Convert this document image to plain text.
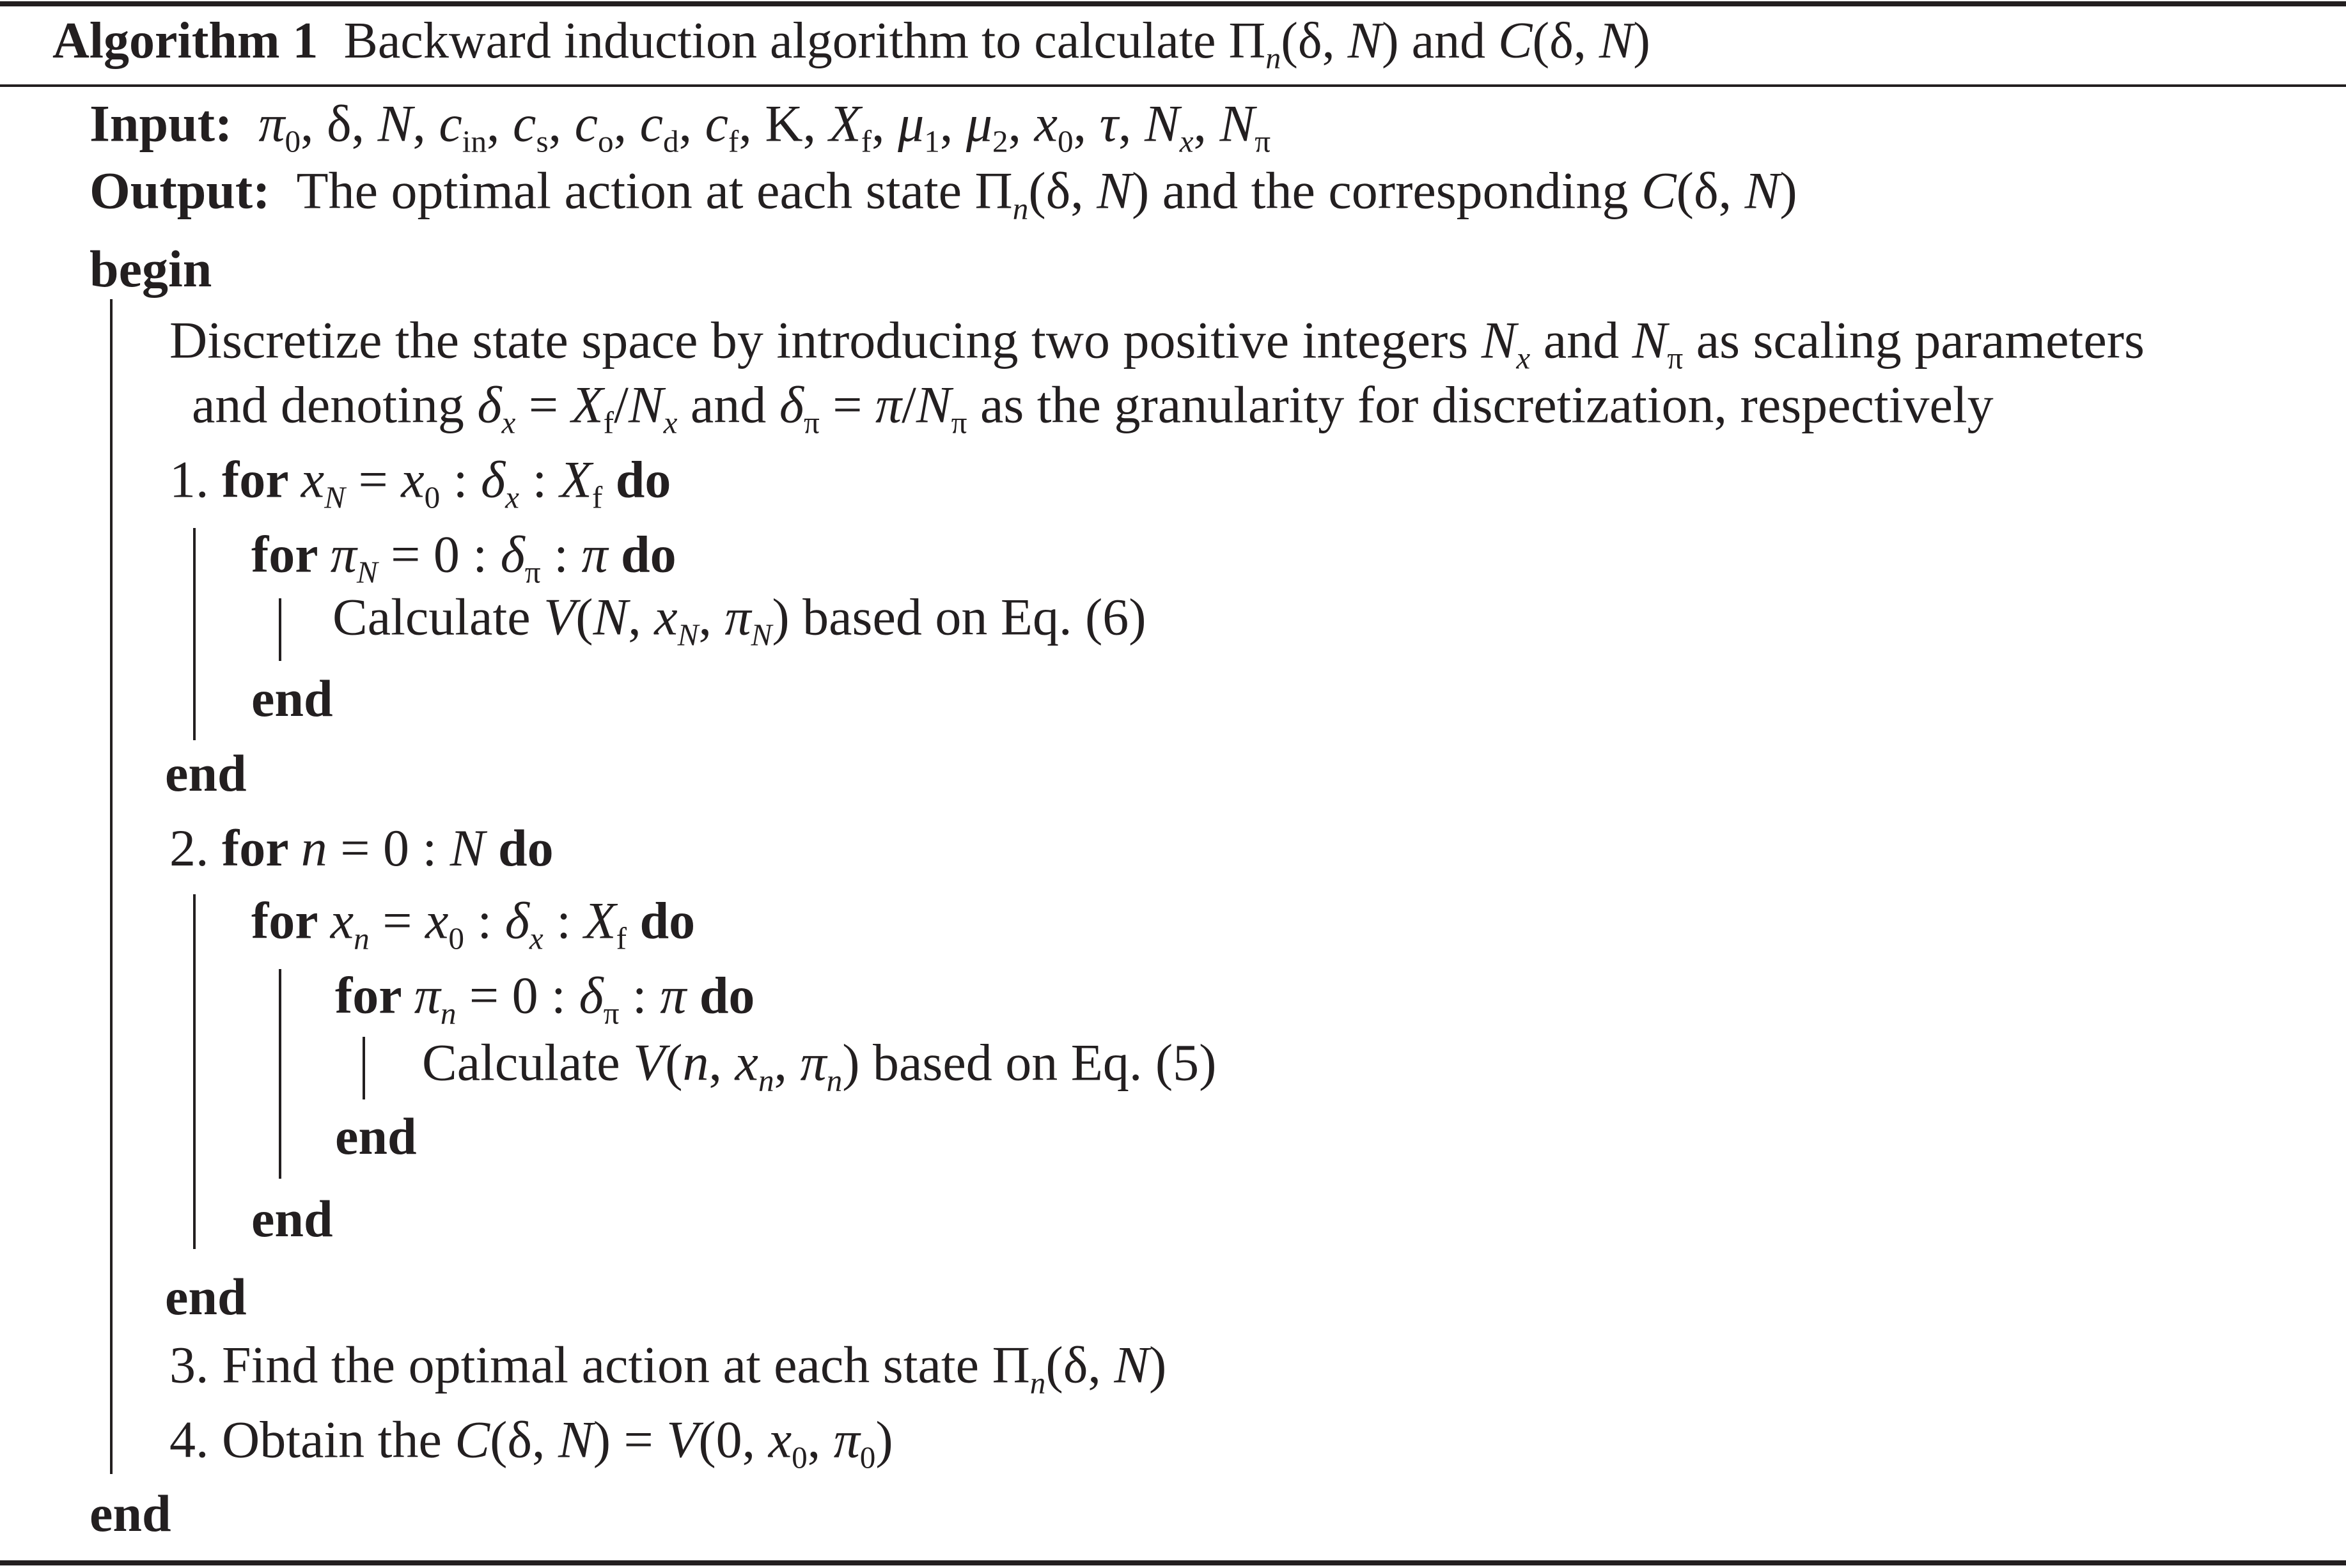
Algorithm 1  Backward induction algorithm to calculate $\Pi_n(\delta$, N) and C(δ, N)
Input:  $\pi_0$, δ, N, $c_{in}$, $c_s$, $c_o$, $c_d$, $c_f$, K, $X_f$, $\mu_1$, $\mu_2$, $x_0$, τ, $N_x$, $N_\pi$
Output:  The optimal action at each state $\Pi_n(\delta$, N) and the corresponding C(δ, N)
begin
Discretize the state space by introducing two positive integers $N_x$ and $N_\pi$ as scaling parameters
and denoting $\delta_x = X_f/N_x$ and $\delta_\pi = \pi/N_\pi$ as the granularity for discretization, respectively
1. for $x_N = x_0$ : $\delta_x$ : $X_f$ do
for $\pi_N = 0$ : $\delta_\pi$ : π do
Calculate V(N, $x_N$, $\pi_N$) based on Eq. (6)
end
end
2. for n = 0 : N do
for $x_n = x_0$ : $\delta_x$ : $X_f$ do
for $\pi_n = 0$ : $\delta_\pi$ : π do
Calculate V(n, $x_n$, $\pi_n$) based on Eq. (5)
end
end
end
3. Find the optimal action at each state $\Pi_n(\delta$, N)
4. Obtain the C(δ, N) = V(0, $x_0$, $\pi_0$)
end
